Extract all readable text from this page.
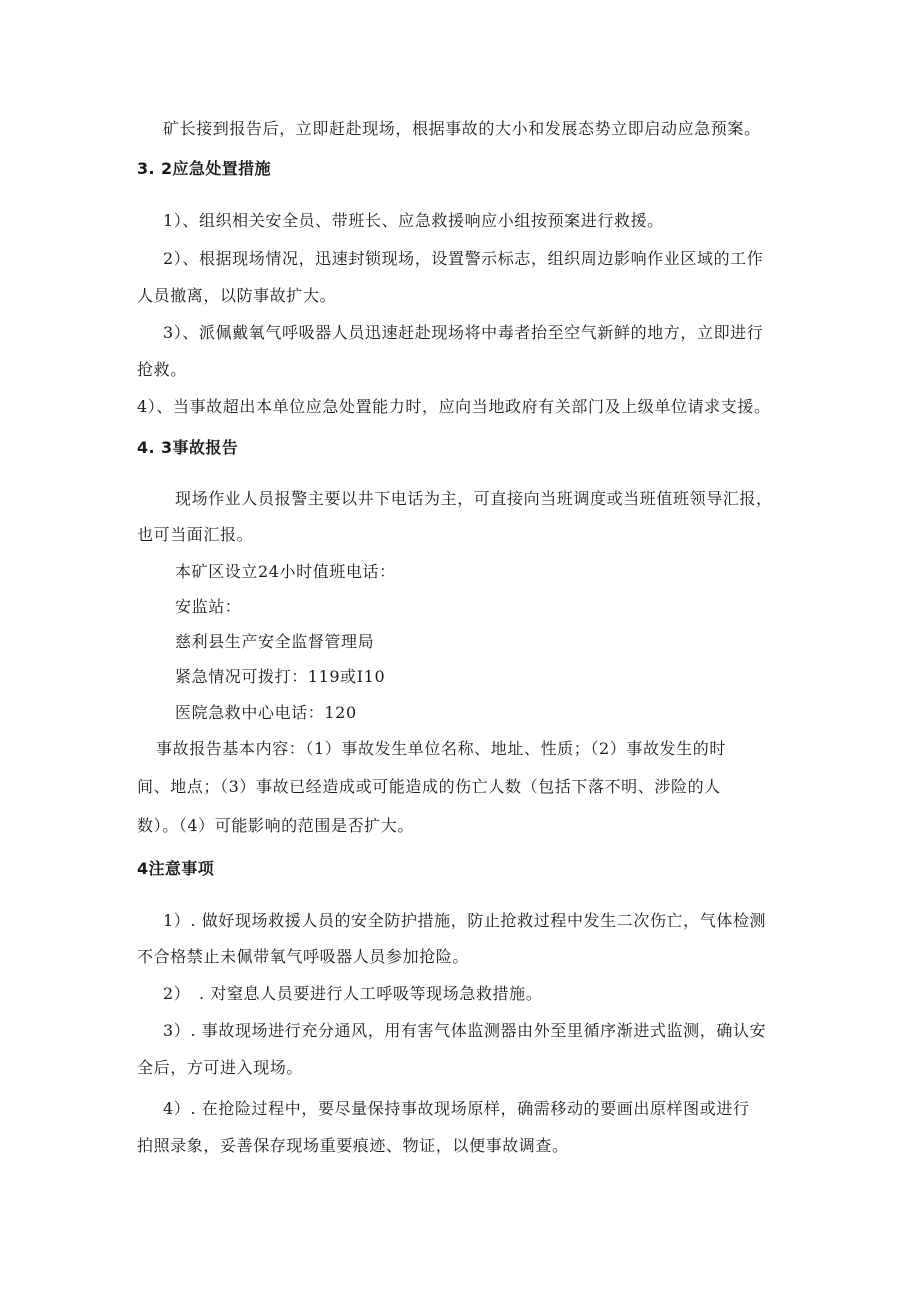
矿长接到报告后，立即赶赴现场，根据事故的大小和发展态势立即启动应急预案。
3. 2应急处置措施
1）、组织相关安全员、带班长、应急救援响应小组按预案进行救援。
2）、根据现场情况，迅速封锁现场，设置警示标志，组织周边影响作业区域的工作
人员撤离，以防事故扩大。
3）、派佩戴氧气呼吸器人员迅速赶赴现场将中毒者抬至空气新鲜的地方，立即进行
抢救。
4）、当事故超出本单位应急处置能力时，应向当地政府有关部门及上级单位请求支援。
4. 3事故报告
现场作业人员报警主要以井下电话为主，可直接向当班调度或当班值班领导汇报，
也可当面汇报。
本矿区设立24小时值班电话：
安监站：
慈利县生产安全监督管理局
紧急情况可拨打：119或I10
医院急救中心电话：120
事故报告基本内容：（1）事故发生单位名称、地址、性质；（2）事故发生的时
间、地点；（3）事故已经造成或可能造成的伤亡人数（包括下落不明、涉险的人
数）。（4）可能影响的范围是否扩大。
4注意事项
1）. 做好现场救援人员的安全防护措施，防止抢救过程中发生二次伤亡，气体检测
不合格禁止未佩带氧气呼吸器人员参加抢险。
2）　. 对窒息人员要进行人工呼吸等现场急救措施。
3）. 事故现场进行充分通风，用有害气体监测器由外至里循序渐进式监测，确认安
全后，方可进入现场。
4）. 在抢险过程中，要尽量保持事故现场原样，确需移动的要画出原样图或进行
拍照录象，妥善保存现场重要痕迹、物证，以便事故调查。
